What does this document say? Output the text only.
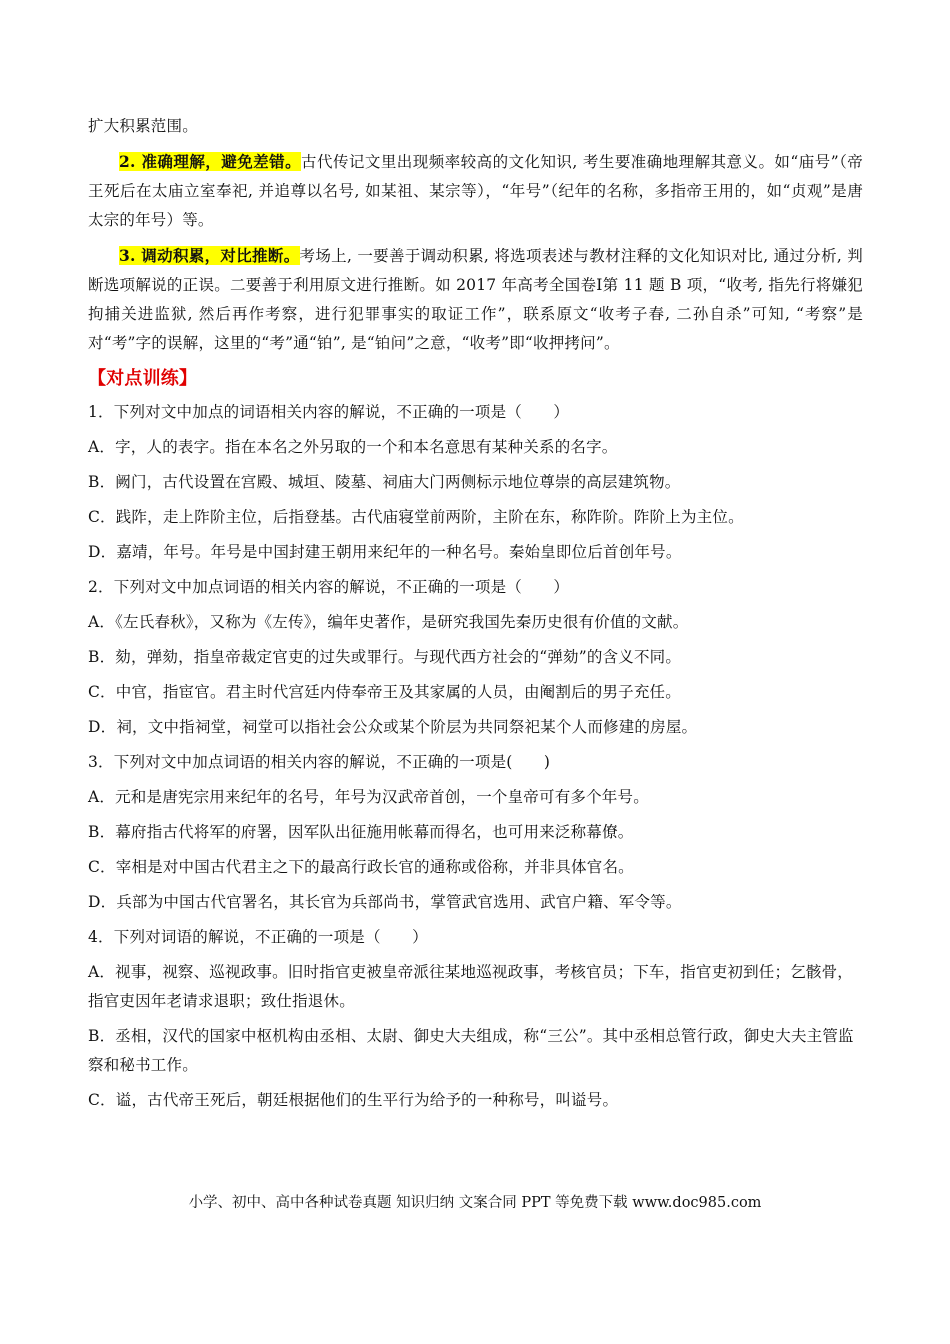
扩大积累范围。

2. 准确理解，避免差错。古代传记文里出现频率较高的文化知识, 考生要准确地理解其意义。如“庙号”（帝王死后在太庙立室奉祀, 并追尊以名号, 如某祖、某宗等），“年号”（纪年的名称，多指帝王用的，如“贞观”是唐太宗的年号）等。

3. 调动积累，对比推断。考场上, 一要善于调动积累, 将选项表述与教材注释的文化知识对比, 通过分析, 判断选项解说的正误。二要善于利用原文进行推断。如 2017 年高考全国卷Ⅰ第 11 题 B 项，“收考, 指先行将嫌犯拘捕关进监狱, 然后再作考察，进行犯罪事实的取证工作”，联系原文“收考子春, 二孙自杀”可知, “考察”是对“考”字的误解，这里的“考”通“铂”, 是“铂问”之意，“收考”即“收押拷问”。

【对点训练】
1．下列对文中加点的词语相关内容的解说，不正确的一项是（　　）
A．字，人的表字。指在本名之外另取的一个和本名意思有某种关系的名字。
B．阙门，古代设置在宫殿、城垣、陵墓、祠庙大门两侧标示地位尊崇的高层建筑物。
C．践阼，走上阼阶主位，后指登基。古代庙寝堂前两阶，主阶在东，称阼阶。阼阶上为主位。
D．嘉靖，年号。年号是中国封建王朝用来纪年的一种名号。秦始皇即位后首创年号。
2．下列对文中加点词语的相关内容的解说，不正确的一项是（　　）
A．《左氏春秋》，又称为《左传》，编年史著作，是研究我国先秦历史很有价值的文献。
B．劾，弹劾，指皇帝裁定官吏的过失或罪行。与现代西方社会的“弹劾”的含义不同。
C．中官，指宦官。君主时代宫廷内侍奉帝王及其家属的人员，由阉割后的男子充任。
D．祠，文中指祠堂，祠堂可以指社会公众或某个阶层为共同祭祀某个人而修建的房屋。
3．下列对文中加点词语的相关内容的解说，不正确的一项是(　　)
A．元和是唐宪宗用来纪年的名号，年号为汉武帝首创，一个皇帝可有多个年号。
B．幕府指古代将军的府署，因军队出征施用帐幕而得名，也可用来泛称幕僚。
C．宰相是对中国古代君主之下的最高行政长官的通称或俗称，并非具体官名。
D．兵部为中国古代官署名，其长官为兵部尚书，掌管武官选用、武官户籍、军令等。
4．下列对词语的解说，不正确的一项是（　　）
A．视事，视察、巡视政事。旧时指官吏被皇帝派往某地巡视政事，考核官员；下车，指官吏初到任；乞骸骨，指官吏因年老请求退职；致仕指退休。
B．丞相，汉代的国家中枢机构由丞相、太尉、御史大夫组成，称“三公”。其中丞相总管行政，御史大夫主管监察和秘书工作。
C．谥，古代帝王死后，朝廷根据他们的生平行为给予的一种称号，叫谥号。
小学、初中、高中各种试卷真题 知识归纳 文案合同 PPT 等免费下载 www.doc985.com
